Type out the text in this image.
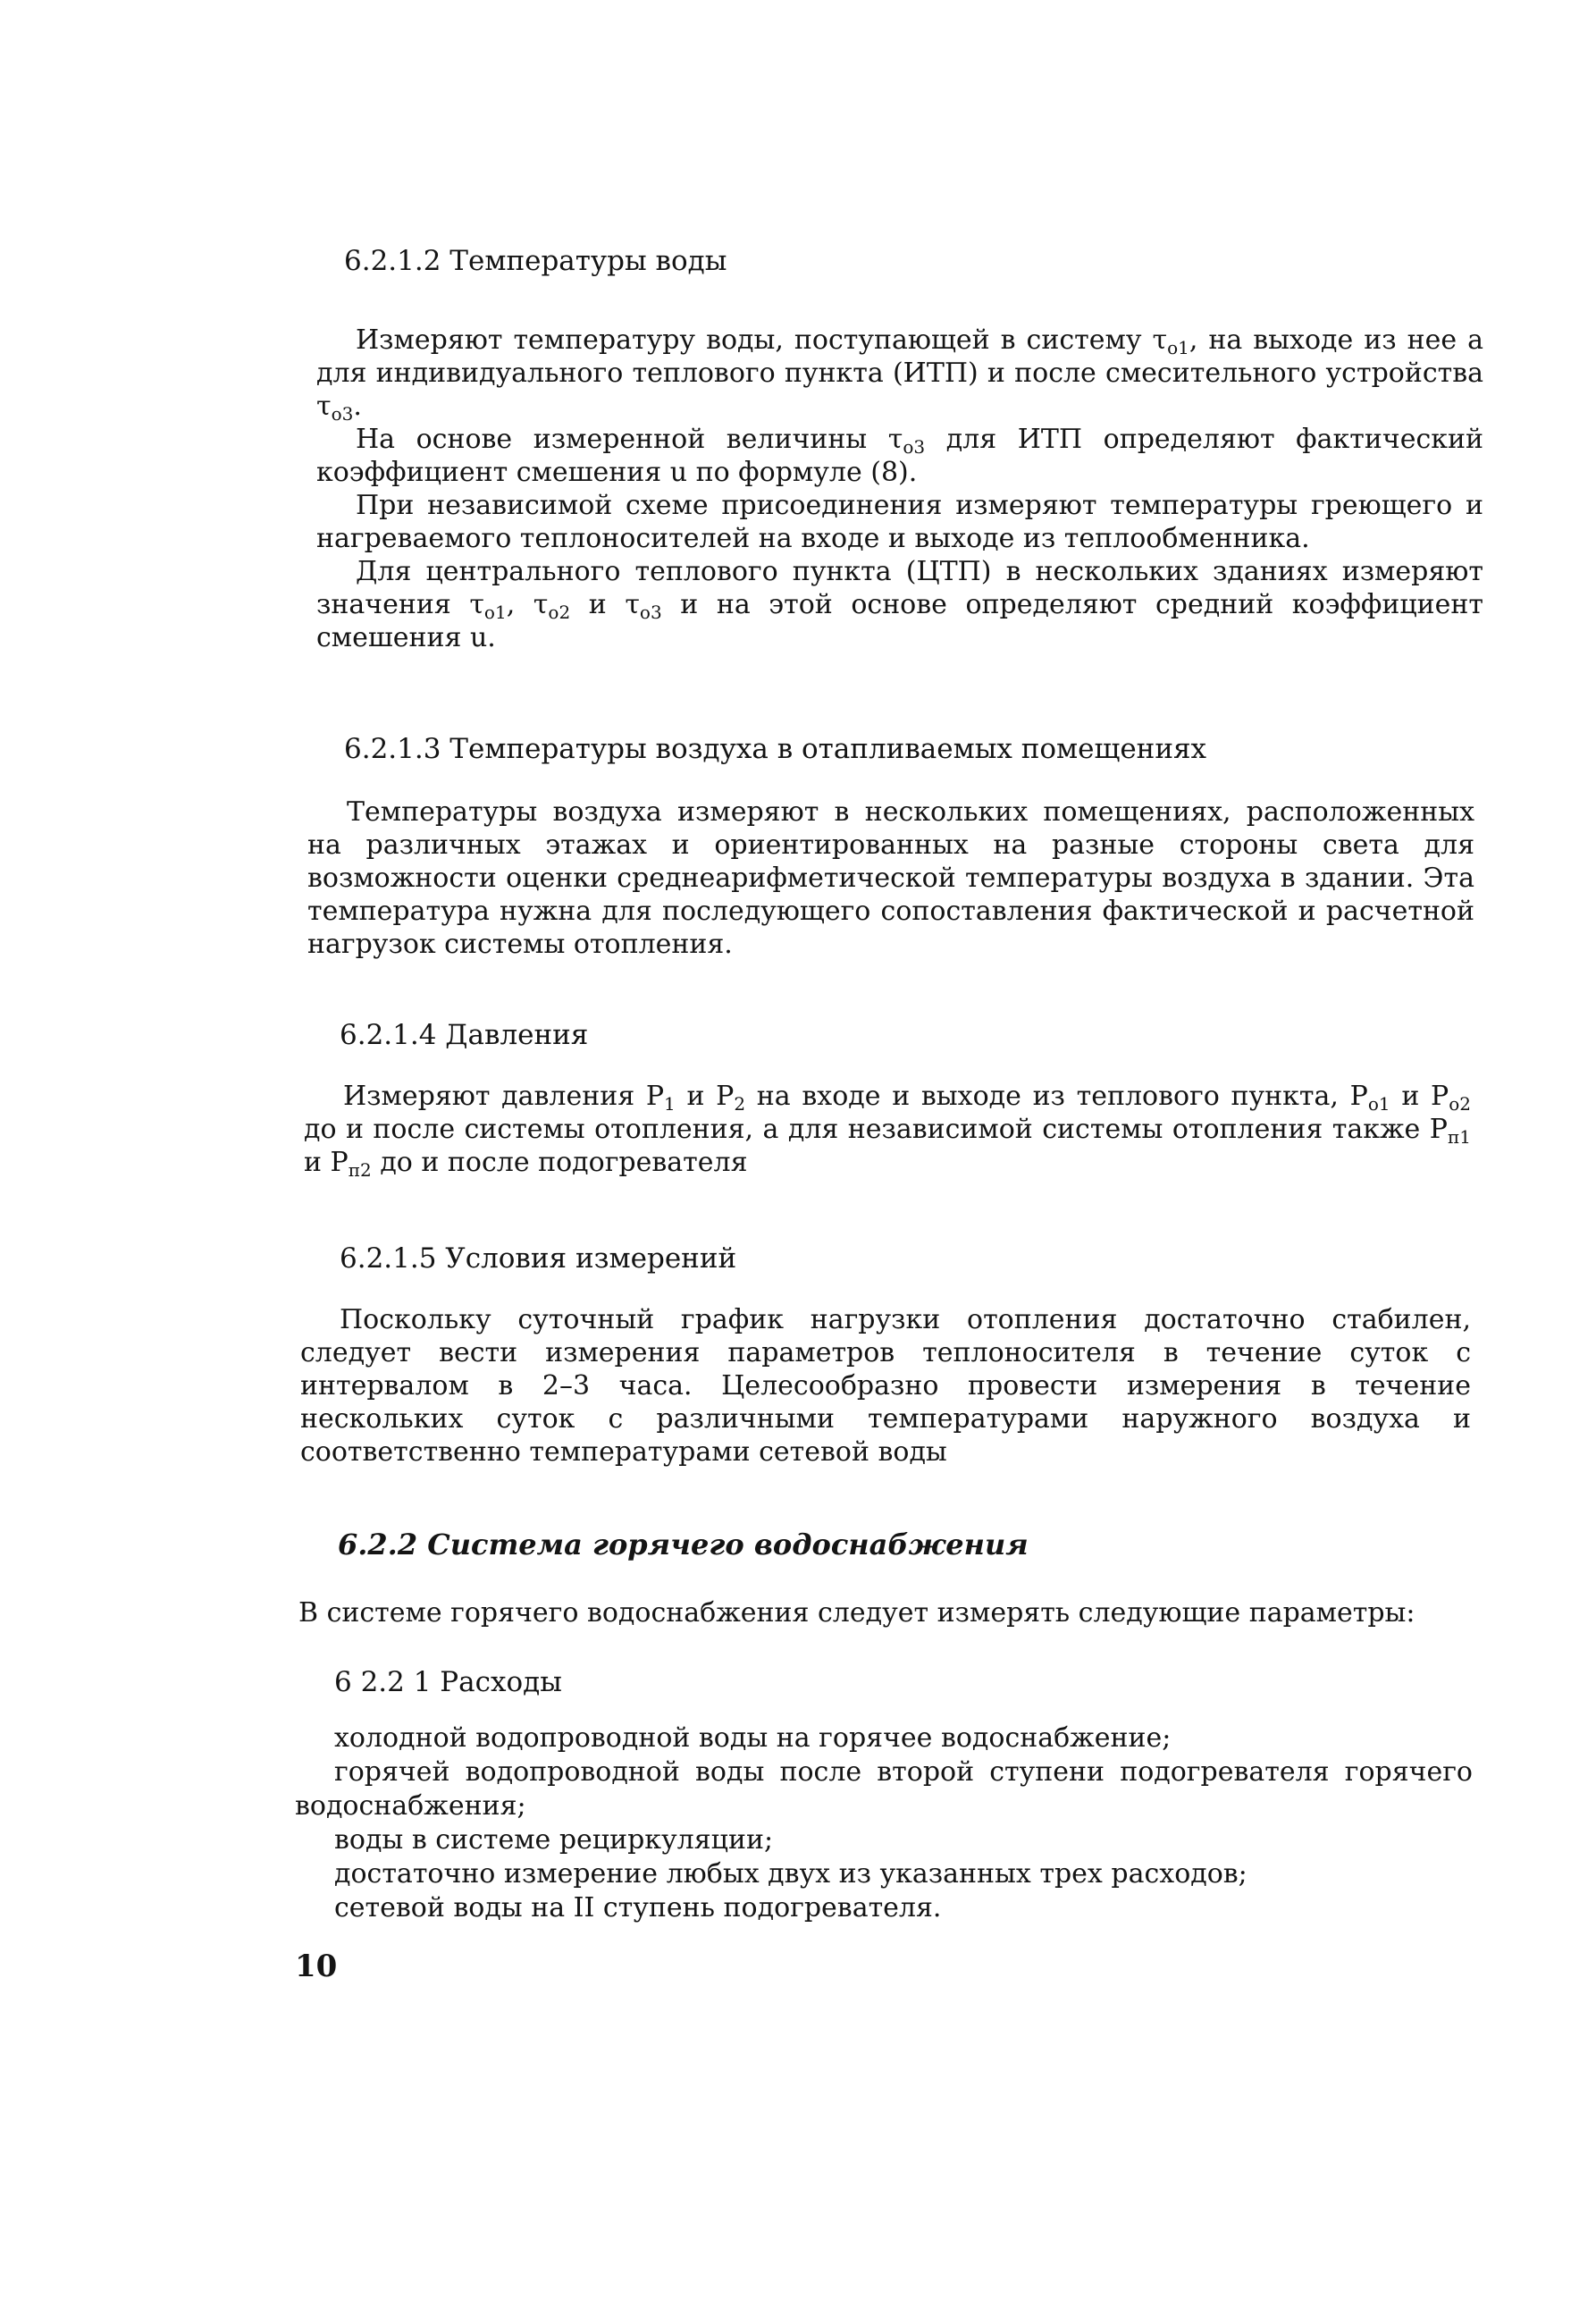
6.2.1.2 Температуры воды

Измеряют температуру воды, поступающей в систему $\tau_{о1}$, на выходе из нее а для индивидуального теплового пункта (ИТП) и после смесительного устройства $\tau_{о3}$.

На основе измеренной величины $\tau_{о3}$ для ИТП определяют фактический коэффициент смешения u по формуле (8).

При независимой схеме присоединения измеряют температуры греющего и нагреваемого теплоносителей на входе и выходе из теплообменника.

Для центрального теплового пункта (ЦТП) в нескольких зданиях измеряют значения $\tau_{о1}$, $\tau_{о2}$ и $\tau_{о3}$ и на этой основе определяют средний коэффициент смешения u.

6.2.1.3 Температуры воздуха в отапливаемых помещениях

Температуры воздуха измеряют в нескольких помещениях, расположенных на различных этажах и ориентированных на разные стороны света для возможности оценки среднеарифметической температуры воздуха в здании. Эта температура нужна для последующего сопоставления фактической и расчетной нагрузок системы отопления.

6.2.1.4 Давления

Измеряют давления $P_1$ и $P_2$ на входе и выходе из теплового пункта, $P_{о1}$ и $P_{о2}$ до и после системы отопления, а для независимой системы отопления также $P_{п1}$ и $P_{п2}$ до и после подогревателя

6.2.1.5 Условия измерений

Поскольку суточный график нагрузки отопления достаточно стабилен, следует вести измерения параметров теплоносителя в течение суток с интервалом в 2–3 часа. Целесообразно провести измерения в течение нескольких суток с различными температурами наружного воздуха и соответственно температурами сетевой воды

6.2.2 Система горячего водоснабжения
В системе горячего водоснабжения следует измерять следующие параметры:
6 2.2 1 Расходы

холодной водопроводной воды на горячее водоснабжение;

горячей водопроводной воды после второй ступени подогревателя горячего водоснабжения;

воды в системе рециркуляции;

достаточно измерение любых двух из указанных трех расходов;

сетевой воды на II ступень подогревателя.

10
